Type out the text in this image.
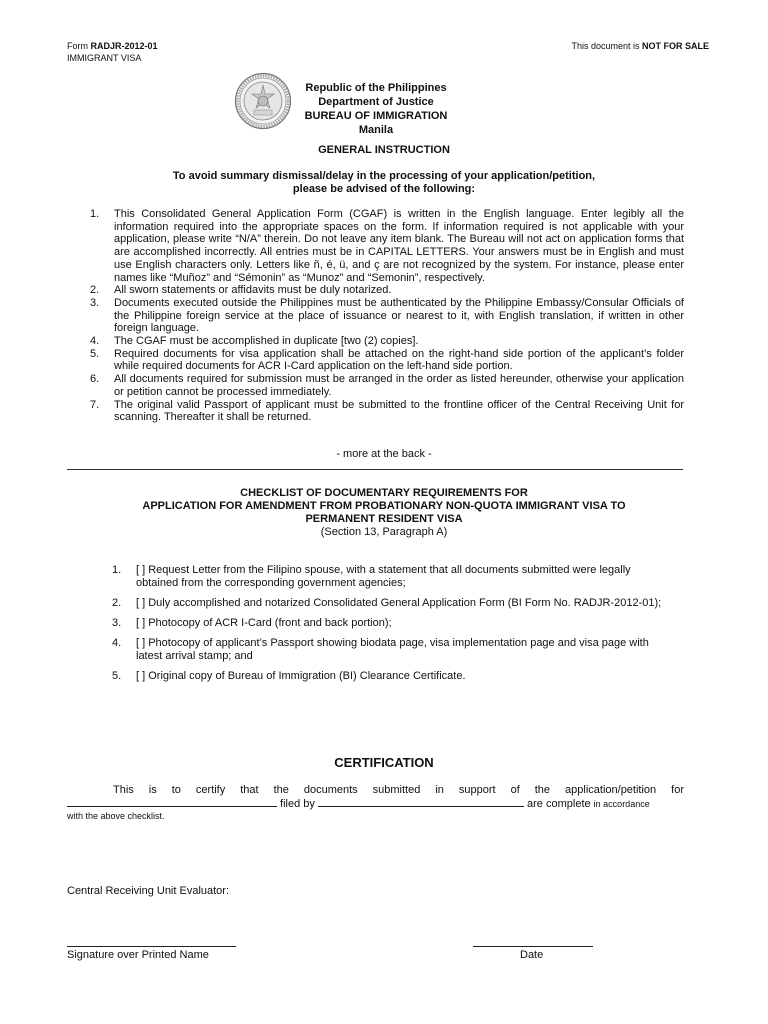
Form RADJR-2012-01
IMMIGRANT VISA
This document is NOT FOR SALE
Republic of the Philippines
Department of Justice
BUREAU OF IMMIGRATION
Manila
GENERAL INSTRUCTION
To avoid summary dismissal/delay in the processing of your application/petition,
please be advised of the following:
1.	This Consolidated General Application Form (CGAF) is written in the English language. Enter legibly all the information required into the appropriate spaces on the form. If information required is not applicable with your application, please write “N/A” therein. Do not leave any item blank. The Bureau will not act on application forms that are accomplished incorrectly. All entries must be in CAPITAL LETTERS. Your answers must be in English and must use English characters only. Letters like ñ, é, ü, and ç are not recognized by the system. For instance, please enter names like “Muñoz” and “Sémonin” as “Munoz” and “Semonin”, respectively.
2.	All sworn statements or affidavits must be duly notarized.
3.	Documents executed outside the Philippines must be authenticated by the Philippine Embassy/Consular Officials of the Philippine foreign service at the place of issuance or nearest to it, with English translation, if written in other foreign language.
4.	The CGAF must be accomplished in duplicate [two (2) copies].
5.	Required documents for visa application shall be attached on the right-hand side portion of the applicant’s folder while required documents for ACR I-Card application on the left-hand side portion.
6.	All documents required for submission must be arranged in the order as listed hereunder, otherwise your application or petition cannot be processed immediately.
7.	The original valid Passport of applicant must be submitted to the frontline officer of the Central Receiving Unit for scanning. Thereafter it shall be returned.
- more at the back -
CHECKLIST OF DOCUMENTARY REQUIREMENTS FOR
APPLICATION FOR AMENDMENT FROM PROBATIONARY NON-QUOTA IMMIGRANT VISA TO
PERMANENT RESIDENT VISA
(Section 13, Paragraph A)
1.	[ ] Request Letter from the Filipino spouse, with a statement that all documents submitted were legally obtained from the corresponding government agencies;
2.	[ ] Duly accomplished and notarized Consolidated General Application Form (BI Form No. RADJR-2012-01);
3.	[ ] Photocopy of ACR I-Card (front and back portion);
4.	[ ] Photocopy of applicant’s Passport showing biodata page, visa implementation page and visa page with latest arrival stamp; and
5.	[ ] Original copy of Bureau of Immigration (BI) Clearance Certificate.
CERTIFICATION
This is to certify that the documents submitted in support of the application/petition for
filed by	are complete in accordance
with the above checklist.
Central Receiving Unit Evaluator:
Signature over Printed Name	Date
